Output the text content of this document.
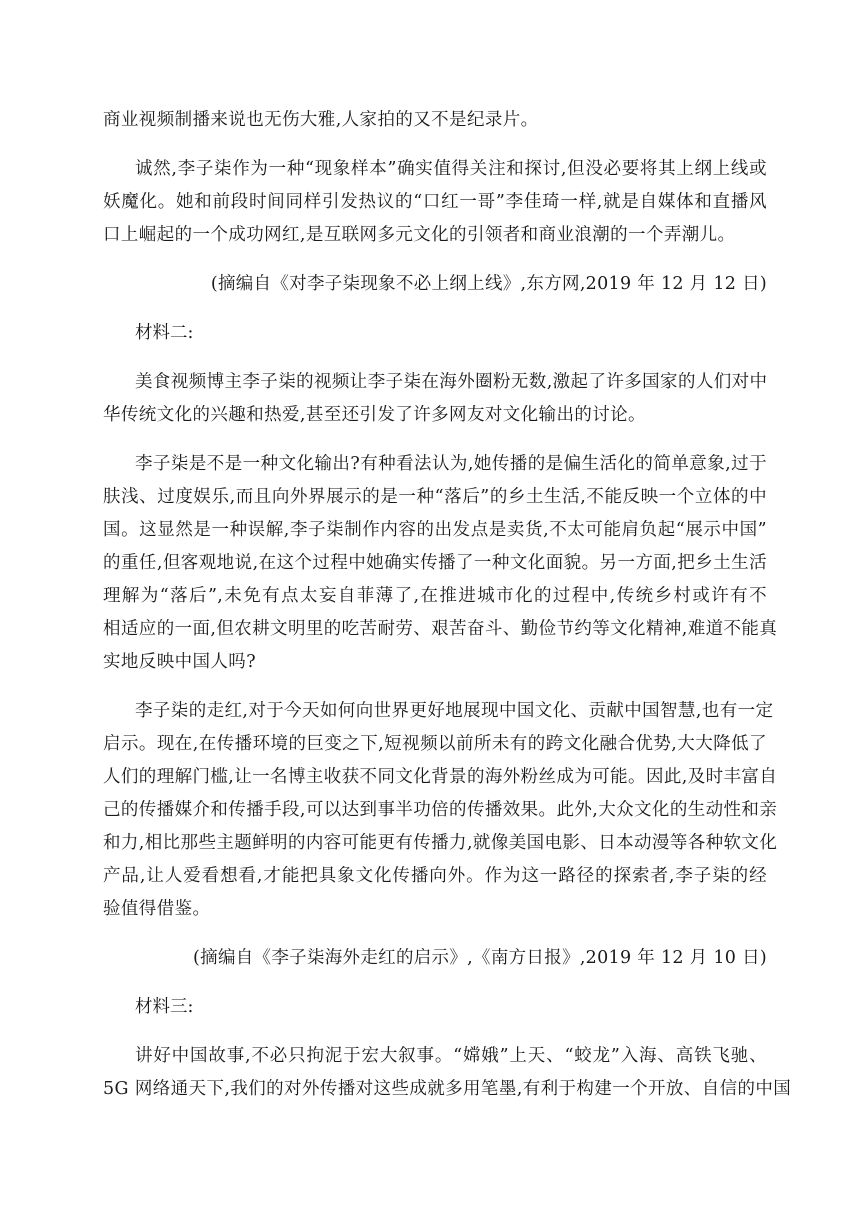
商业视频制播来说也无伤大雅,人家拍的又不是纪录片。
诚然,李子柒作为一种“现象样本”确实值得关注和探讨,但没必要将其上纲上线或
妖魔化。她和前段时间同样引发热议的“口红一哥”李佳琦一样,就是自媒体和直播风
口上崛起的一个成功网红,是互联网多元文化的引领者和商业浪潮的一个弄潮儿。
(摘编自《对李子柒现象不必上纲上线》,东方网,2019 年 12 月 12 日)
材料二:
美食视频博主李子柒的视频让李子柒在海外圈粉无数,激起了许多国家的人们对中
华传统文化的兴趣和热爱,甚至还引发了许多网友对文化输出的讨论。
李子柒是不是一种文化输出?有种看法认为,她传播的是偏生活化的简单意象,过于
肤浅、过度娱乐,而且向外界展示的是一种“落后”的乡土生活,不能反映一个立体的中
国。这显然是一种误解,李子柒制作内容的出发点是卖货,不太可能肩负起“展示中国”
的重任,但客观地说,在这个过程中她确实传播了一种文化面貌。另一方面,把乡土生活
理解为“落后”,未免有点太妄自菲薄了,在推进城市化的过程中,传统乡村或许有不
相适应的一面,但农耕文明里的吃苦耐劳、艰苦奋斗、勤俭节约等文化精神,难道不能真
实地反映中国人吗?
李子柒的走红,对于今天如何向世界更好地展现中国文化、贡献中国智慧,也有一定
启示。现在,在传播环境的巨变之下,短视频以前所未有的跨文化融合优势,大大降低了
人们的理解门槛,让一名博主收获不同文化背景的海外粉丝成为可能。因此,及时丰富自
己的传播媒介和传播手段,可以达到事半功倍的传播效果。此外,大众文化的生动性和亲
和力,相比那些主题鲜明的内容可能更有传播力,就像美国电影、日本动漫等各种软文化
产品,让人爱看想看,才能把具象文化传播向外。作为这一路径的探索者,李子柒的经
验值得借鉴。
(摘编自《李子柒海外走红的启示》,《南方日报》,2019 年 12 月 10 日)
材料三:
讲好中国故事,不必只拘泥于宏大叙事。“嫦娥”上天、“蛟龙”入海、高铁飞驰、
5G 网络通天下,我们的对外传播对这些成就多用笔墨,有利于构建一个开放、自信的中国
